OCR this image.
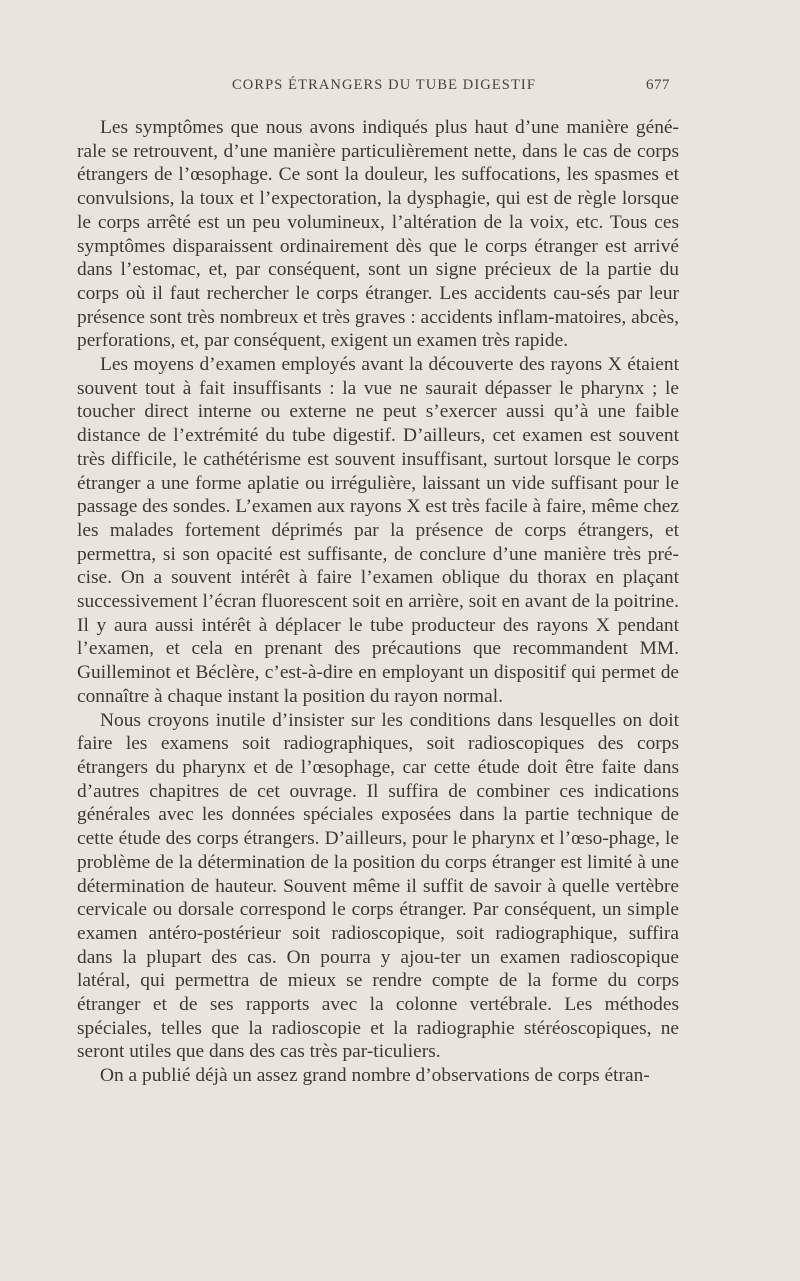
CORPS ÉTRANGERS DU TUBE DIGESTIF	677

Les symptômes que nous avons indiqués plus haut d’une manière géné-rale se retrouvent, d’une manière particulièrement nette, dans le cas de corps étrangers de l’œsophage. Ce sont la douleur, les suffocations, les spasmes et convulsions, la toux et l’expectoration, la dysphagie, qui est de règle lorsque le corps arrêté est un peu volumineux, l’altération de la voix, etc. Tous ces symptômes disparaissent ordinairement dès que le corps étranger est arrivé dans l’estomac, et, par conséquent, sont un signe précieux de la partie du corps où il faut rechercher le corps étranger. Les accidents cau-sés par leur présence sont très nombreux et très graves : accidents inflam-matoires, abcès, perforations, et, par conséquent, exigent un examen très rapide.

Les moyens d’examen employés avant la découverte des rayons X étaient souvent tout à fait insuffisants : la vue ne saurait dépasser le pharynx ; le toucher direct interne ou externe ne peut s’exercer aussi qu’à une faible distance de l’extrémité du tube digestif. D’ailleurs, cet examen est souvent très difficile, le cathétérisme est souvent insuffisant, surtout lorsque le corps étranger a une forme aplatie ou irrégulière, laissant un vide suffisant pour le passage des sondes. L’examen aux rayons X est très facile à faire, même chez les malades fortement déprimés par la présence de corps étrangers, et permettra, si son opacité est suffisante, de conclure d’une manière très pré-cise. On a souvent intérêt à faire l’examen oblique du thorax en plaçant successivement l’écran fluorescent soit en arrière, soit en avant de la poitrine. Il y aura aussi intérêt à déplacer le tube producteur des rayons X pendant l’examen, et cela en prenant des précautions que recommandent MM. Guilleminot et Béclère, c’est-à-dire en employant un dispositif qui permet de connaître à chaque instant la position du rayon normal.

Nous croyons inutile d’insister sur les conditions dans lesquelles on doit faire les examens soit radiographiques, soit radioscopiques des corps étrangers du pharynx et de l’œsophage, car cette étude doit être faite dans d’autres chapitres de cet ouvrage. Il suffira de combiner ces indications générales avec les données spéciales exposées dans la partie technique de cette étude des corps étrangers. D’ailleurs, pour le pharynx et l’œso-phage, le problème de la détermination de la position du corps étranger est limité à une détermination de hauteur. Souvent même il suffit de savoir à quelle vertèbre cervicale ou dorsale correspond le corps étranger. Par conséquent, un simple examen antéro-postérieur soit radioscopique, soit radiographique, suffira dans la plupart des cas. On pourra y ajou-ter un examen radioscopique latéral, qui permettra de mieux se rendre compte de la forme du corps étranger et de ses rapports avec la colonne vertébrale. Les méthodes spéciales, telles que la radioscopie et la radiographie stéréoscopiques, ne seront utiles que dans des cas très par-ticuliers.

On a publié déjà un assez grand nombre d’observations de corps étran-
